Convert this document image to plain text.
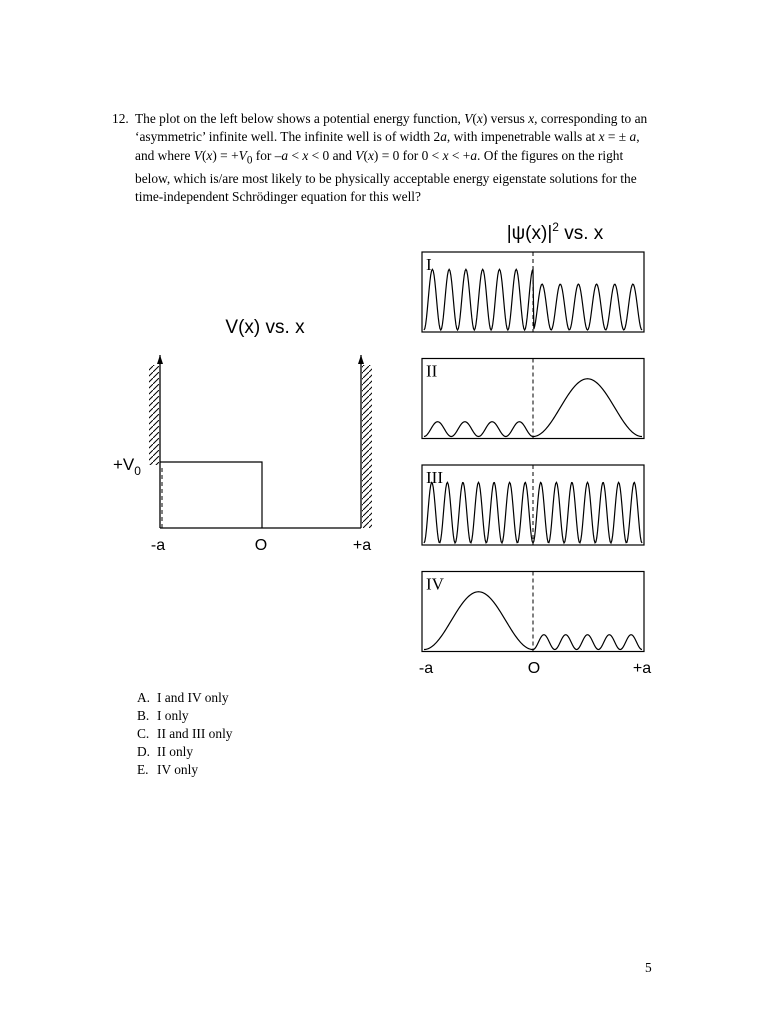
12. The plot on the left below shows a potential energy function, V(x) versus x, corresponding to an ‘asymmetric’ infinite well. The infinite well is of width 2a, with impenetrable walls at x = ± a, and where $V(x) = +V_0$ for –a < x < 0 and V(x) = 0 for 0 < x < +a. Of the figures on the right below, which is/are most likely to be physically acceptable energy eigenstate solutions for the time-independent Schrödinger equation for this well?
V(x) vs. x
$+V_0$
-a	O	+a
$|\psi(x)|^2$ vs. x
I
II
III
IV
-a	O	+a
A. I and IV only
B. I only
C. II and III only
D. II only
E. IV only
5
